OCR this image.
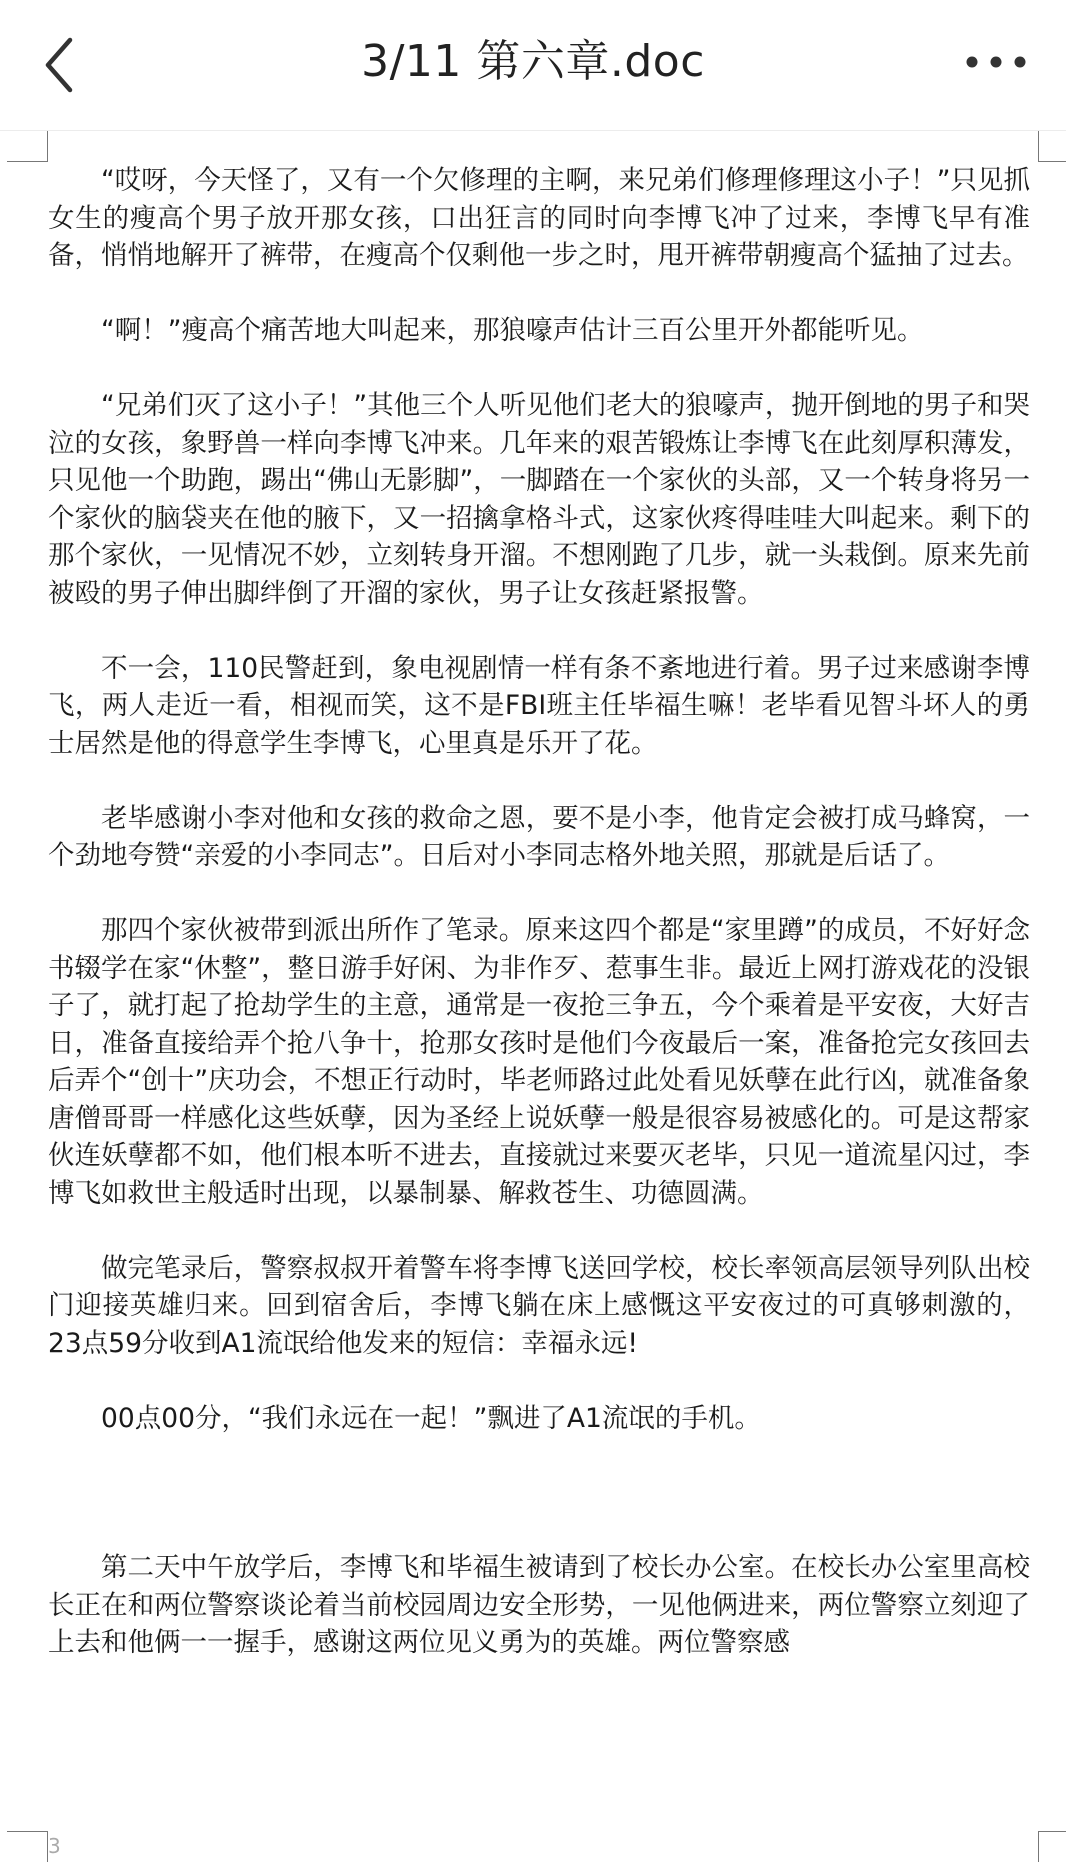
3/11 第六章.doc

“哎呀，今天怪了，又有一个欠修理的主啊，来兄弟们修理修理这小子！”只见抓女生的瘦高个男子放开那女孩，口出狂言的同时向李博飞冲了过来，李博飞早有准备，悄悄地解开了裤带，在瘦高个仅剩他一步之时，甩开裤带朝瘦高个猛抽了过去。

“啊！”瘦高个痛苦地大叫起来，那狼嚎声估计三百公里开外都能听见。

“兄弟们灭了这小子！”其他三个人听见他们老大的狼嚎声，抛开倒地的男子和哭泣的女孩，象野兽一样向李博飞冲来。几年来的艰苦锻炼让李博飞在此刻厚积薄发，只见他一个助跑，踢出“佛山无影脚”，一脚踏在一个家伙的头部，又一个转身将另一个家伙的脑袋夹在他的腋下，又一招擒拿格斗式，这家伙疼得哇哇大叫起来。剩下的那个家伙，一见情况不妙，立刻转身开溜。不想刚跑了几步，就一头栽倒。原来先前被殴的男子伸出脚绊倒了开溜的家伙，男子让女孩赶紧报警。

不一会，110民警赶到，象电视剧情一样有条不紊地进行着。男子过来感谢李博飞，两人走近一看，相视而笑，这不是FBI班主任毕福生嘛！老毕看见智斗坏人的勇士居然是他的得意学生李博飞，心里真是乐开了花。

老毕感谢小李对他和女孩的救命之恩，要不是小李，他肯定会被打成马蜂窝，一个劲地夸赞“亲爱的小李同志”。日后对小李同志格外地关照，那就是后话了。

那四个家伙被带到派出所作了笔录。原来这四个都是“家里蹲”的成员，不好好念书辍学在家“休整”，整日游手好闲、为非作歹、惹事生非。最近上网打游戏花的没银子了，就打起了抢劫学生的主意，通常是一夜抢三争五，今个乘着是平安夜，大好吉日，准备直接给弄个抢八争十，抢那女孩时是他们今夜最后一案，准备抢完女孩回去后弄个“创十”庆功会，不想正行动时，毕老师路过此处看见妖孽在此行凶，就准备象唐僧哥哥一样感化这些妖孽，因为圣经上说妖孽一般是很容易被感化的。可是这帮家伙连妖孽都不如，他们根本听不进去，直接就过来要灭老毕，只见一道流星闪过，李博飞如救世主般适时出现，以暴制暴、解救苍生、功德圆满。

做完笔录后，警察叔叔开着警车将李博飞送回学校，校长率领高层领导列队出校门迎接英雄归来。回到宿舍后，李博飞躺在床上感慨这平安夜过的可真够刺激的，23点59分收到A1流氓给他发来的短信：幸福永远!

00点00分，“我们永远在一起！”飘进了A1流氓的手机。

第二天中午放学后，李博飞和毕福生被请到了校长办公室。在校长办公室里高校长正在和两位警察谈论着当前校园周边安全形势，一见他俩进来，两位警察立刻迎了上去和他俩一一握手，感谢这两位见义勇为的英雄。两位警察感

3
